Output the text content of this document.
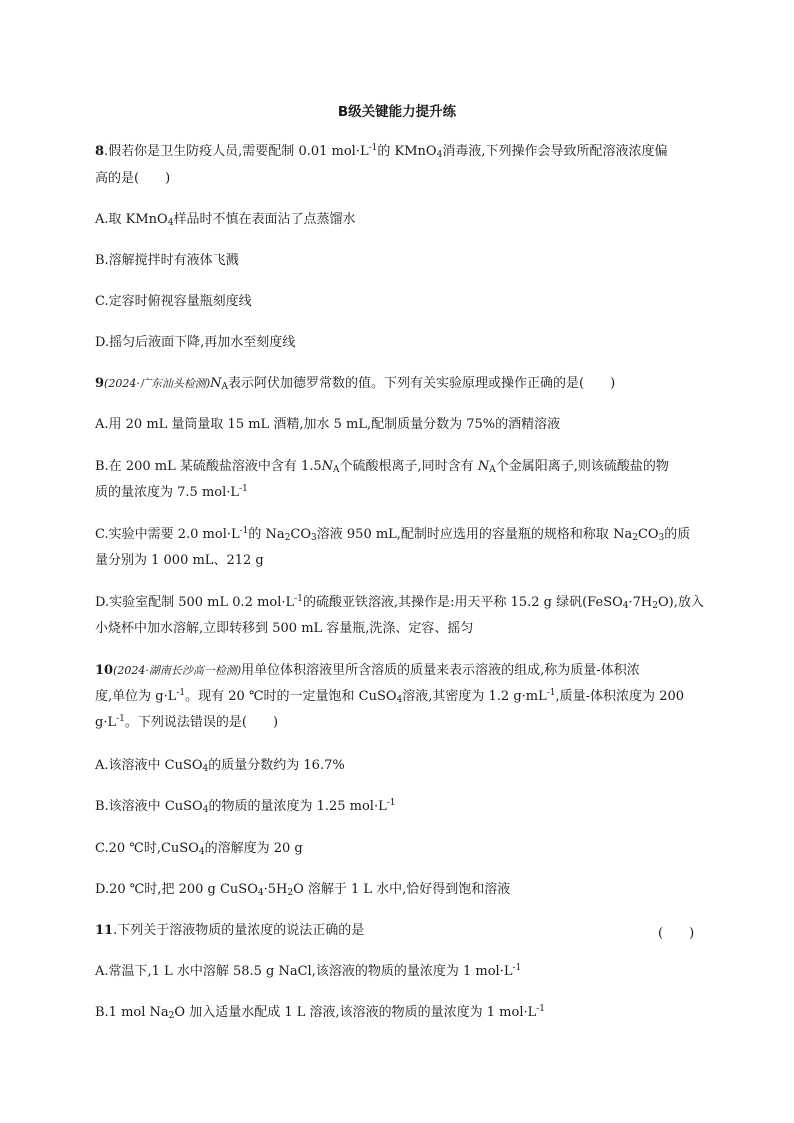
B级关键能力提升练
8.假若你是卫生防疫人员,需要配制 0.01 $mol\cdot L^{-1}$的 KMnO$_4$消毒液,下列操作会导致所配溶液浓度偏
高的是(　　)
A.取 KMnO$_4$样品时不慎在表面沾了点蒸馏水
B.溶解搅拌时有液体飞溅
C.定容时俯视容量瓶刻度线
D.摇匀后液面下降,再加水至刻度线
9(2024·广东汕头检测)$N_A$表示阿伏加德罗常数的值。下列有关实验原理或操作正确的是(　　)
A.用 20 mL 量筒量取 15 mL 酒精,加水 5 mL,配制质量分数为 75%的酒精溶液
B.在 200 mL 某硫酸盐溶液中含有 $1.5N_A$个硫酸根离子,同时含有 $N_A$个金属阳离子,则该硫酸盐的物
质的量浓度为 7.5 $mol\cdot L^{-1}$
C.实验中需要 2.0 $mol\cdot L^{-1}$的 $Na_2CO_3$溶液 950 mL,配制时应选用的容量瓶的规格和称取 $Na_2CO_3$的质
量分别为 1 000 mL、212 g
D.实验室配制 500 mL 0.2 $mol\cdot L^{-1}$的硫酸亚铁溶液,其操作是:用天平称 15.2 g 绿矾$(FeSO_4\cdot 7H_2O)$,放入
小烧杯中加水溶解,立即转移到 500 mL 容量瓶,洗涤、定容、摇匀
10(2024·湖南长沙高一检测)用单位体积溶液里所含溶质的质量来表示溶液的组成,称为质量-体积浓
度,单位为 $g\cdot L^{-1}$。现有 20 ℃时的一定量饱和 CuSO$_4$溶液,其密度为 1.2 $g\cdot mL^{-1}$,质量-体积浓度为 200
$g\cdot L^{-1}$。下列说法错误的是(　　)
A.该溶液中 CuSO$_4$的质量分数约为 16.7%
B.该溶液中 CuSO$_4$的物质的量浓度为 1.25 $mol\cdot L^{-1}$
C.20 ℃时,CuSO$_4$的溶解度为 20 g
D.20 ℃时,把 200 g $CuSO_4\cdot 5H_2O$ 溶解于 1 L 水中,恰好得到饱和溶液
11.下列关于溶液物质的量浓度的说法正确的是	(　　)
A.常温下,1 L 水中溶解 58.5 g NaCl,该溶液的物质的量浓度为 1 $mol\cdot L^{-1}$
B.1 mol $Na_2O$ 加入适量水配成 1 L 溶液,该溶液的物质的量浓度为 1 $mol\cdot L^{-1}$
